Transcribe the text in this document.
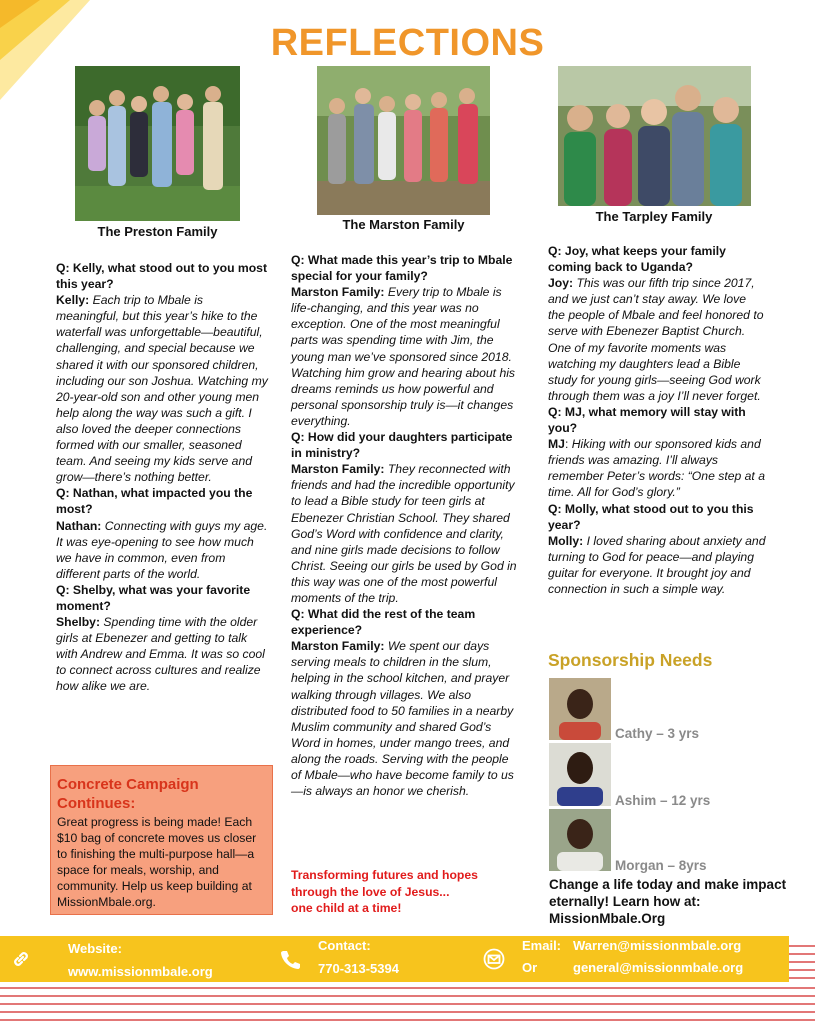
REFLECTIONS
The Preston Family	The Marston Family
The Tarpley Family

Q: Kelly, what stood out to you most this year?

Kelly: Each trip to Mbale is meaningful, but this year’s hike to the waterfall was unforgettable—beautiful, challenging, and special because we shared it with our sponsored children, including our son Joshua. Watching my 20-year-old son and other young men help along the way was such a gift. I also loved the deeper connections formed with our smaller, seasoned team. And seeing my kids serve and grow—there’s nothing better.

Q: Nathan, what impacted you the most?

Nathan: Connecting with guys my age. It was eye-opening to see how much we have in common, even from different parts of the world.

Q: Shelby, what was your favorite moment?

Shelby: Spending time with the older girls at Ebenezer and getting to talk with Andrew and Emma. It was so cool to connect across cultures and realize how alike we are.

Concrete Campaign Continues:
Great progress is being made! Each $10 bag of concrete moves us closer to finishing the multi-purpose hall—a space for meals, worship, and community. Help us keep building at MissionMbale.org.

Q: What made this year’s trip to Mbale special for your family?

Marston Family: Every trip to Mbale is life-changing, and this year was no exception. One of the most meaningful parts was spending time with Jim, the young man we’ve sponsored since 2018. Watching him grow and hearing about his dreams reminds us how powerful and personal sponsorship truly is—it changes everything.

Q: How did your daughters participate in ministry?

Marston Family: They reconnected with friends and had the incredible opportunity to lead a Bible study for teen girls at Ebenezer Christian School. They shared God’s Word with confidence and clarity, and nine girls made decisions to follow Christ. Seeing our girls be used by God in this way was one of the most powerful moments of the trip.

Q: What did the rest of the team experience?

Marston Family: We spent our days serving meals to children in the slum, helping in the school kitchen, and prayer walking through villages. We also distributed food to 50 families in a nearby Muslim community and shared God’s Word in homes, under mango trees, and along the roads. Serving with the people of Mbale—who have become family to us—is always an honor we cherish.

Transforming futures and hopes
through the love of Jesus...
one child at a time!

Q: Joy, what keeps your family coming back to Uganda?

Joy: This was our fifth trip since 2017, and we just can’t stay away. We love the people of Mbale and feel honored to serve with Ebenezer Baptist Church. One of my favorite moments was watching my daughters lead a Bible study for young girls—seeing God work through them was a joy I’ll never forget.

Q: MJ, what memory will stay with you?

MJ: Hiking with our sponsored kids and friends was amazing. I’ll always remember Peter’s words: “One step at a time. All for God’s glory.”

Q: Molly, what stood out to you this year?

Molly: I loved sharing about anxiety and turning to God for peace—and playing guitar for everyone. It brought joy and connection in such a simple way.

Sponsorship Needs
Cathy – 3 yrs
Ashim – 12 yrs
Morgan – 8yrs
Change a life today and make impact eternally! Learn how at: MissionMbale.Org
Website:
www.missionmbale.org
Contact:
770-313-5394
Email: Warren@missionmbale.org
Or	general@missionmbale.org
